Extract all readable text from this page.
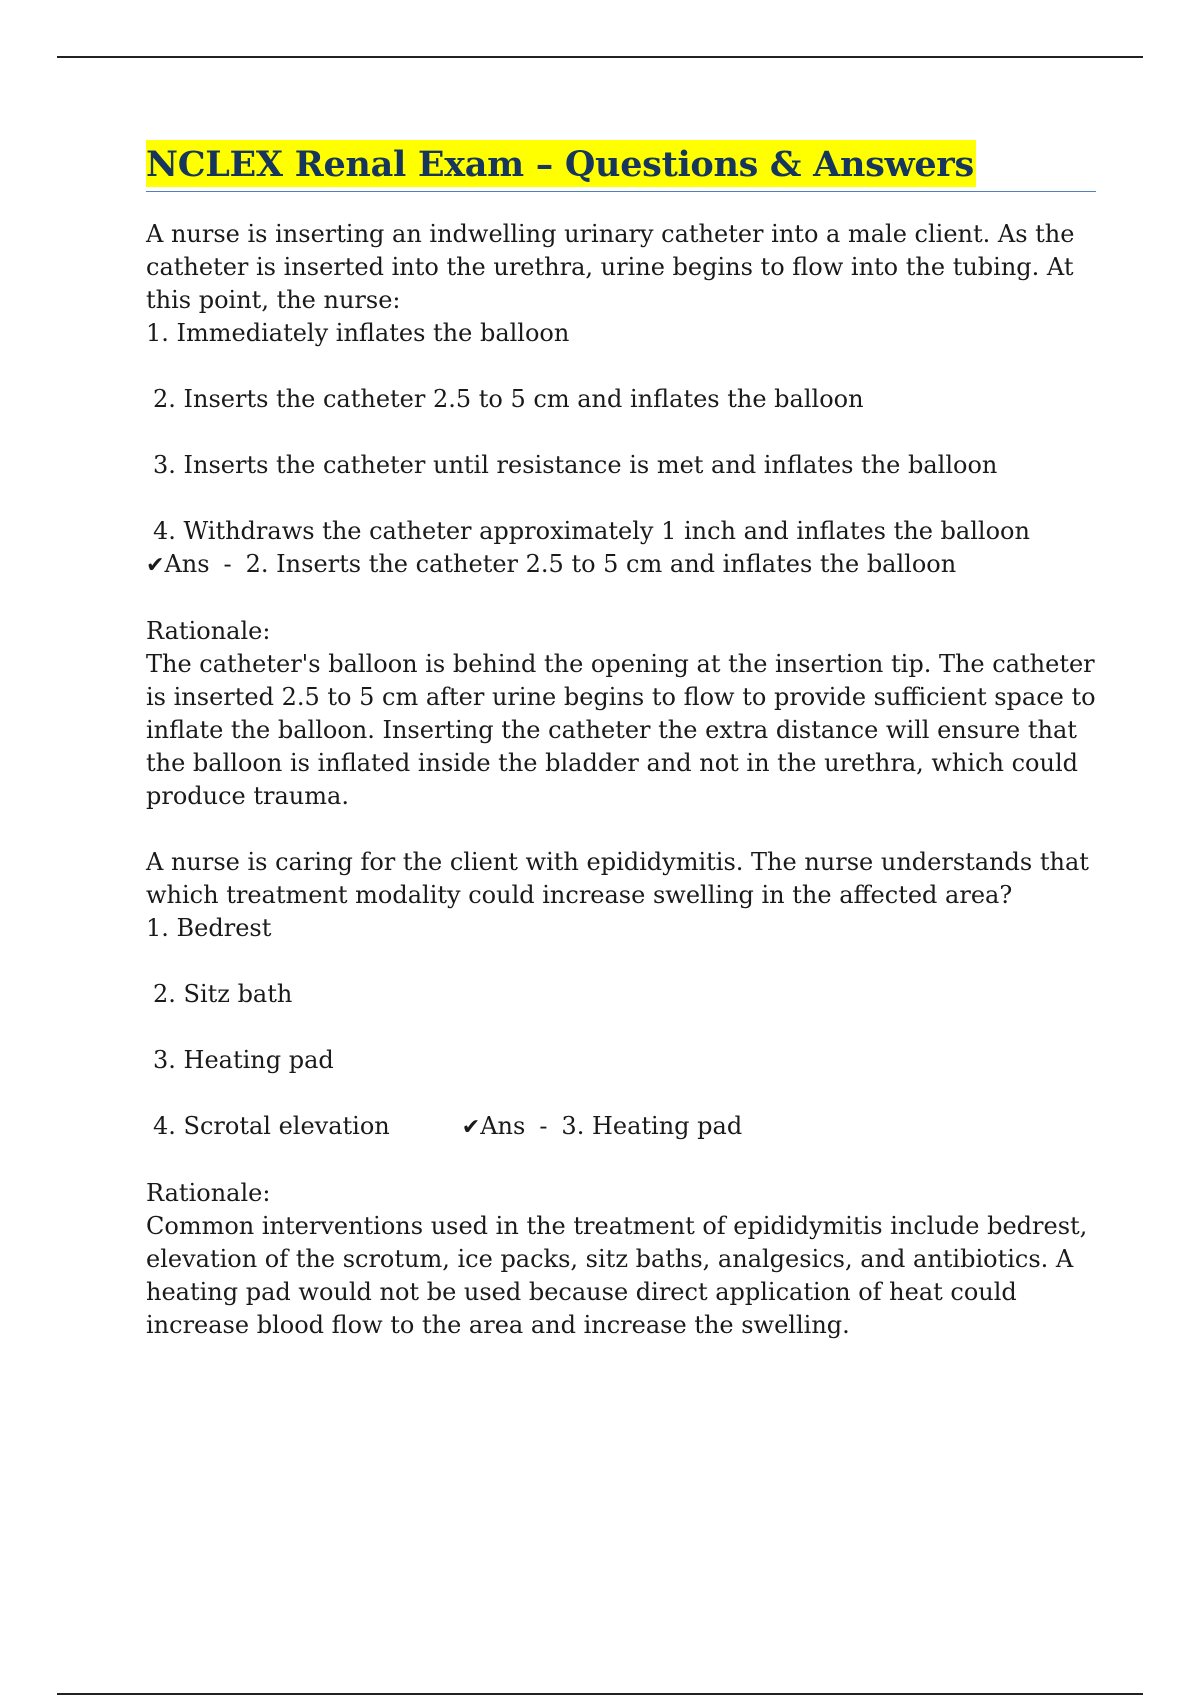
NCLEX Renal Exam – Questions & Answers

A nurse is inserting an indwelling urinary catheter into a male client. As the catheter is inserted into the urethra, urine begins to flow into the tubing. At this point, the nurse:

1. Immediately inflates the balloon

2. Inserts the catheter 2.5 to 5 cm and inflates the balloon

3. Inserts the catheter until resistance is met and inflates the balloon

4. Withdraws the catheter approximately 1 inch and inflates the balloon

✔Ans - 2. Inserts the catheter 2.5 to 5 cm and inflates the balloon

Rationale:

The catheter's balloon is behind the opening at the insertion tip. The catheter is inserted 2.5 to 5 cm after urine begins to flow to provide sufficient space to inflate the balloon. Inserting the catheter the extra distance will ensure that the balloon is inflated inside the bladder and not in the urethra, which could produce trauma.

A nurse is caring for the client with epididymitis. The nurse understands that which treatment modality could increase swelling in the affected area?

1. Bedrest

2. Sitz bath

3. Heating pad

4. Scrotal elevation	✔Ans - 3. Heating pad

Rationale:

Common interventions used in the treatment of epididymitis include bedrest, elevation of the scrotum, ice packs, sitz baths, analgesics, and antibiotics. A heating pad would not be used because direct application of heat could increase blood flow to the area and increase the swelling.
